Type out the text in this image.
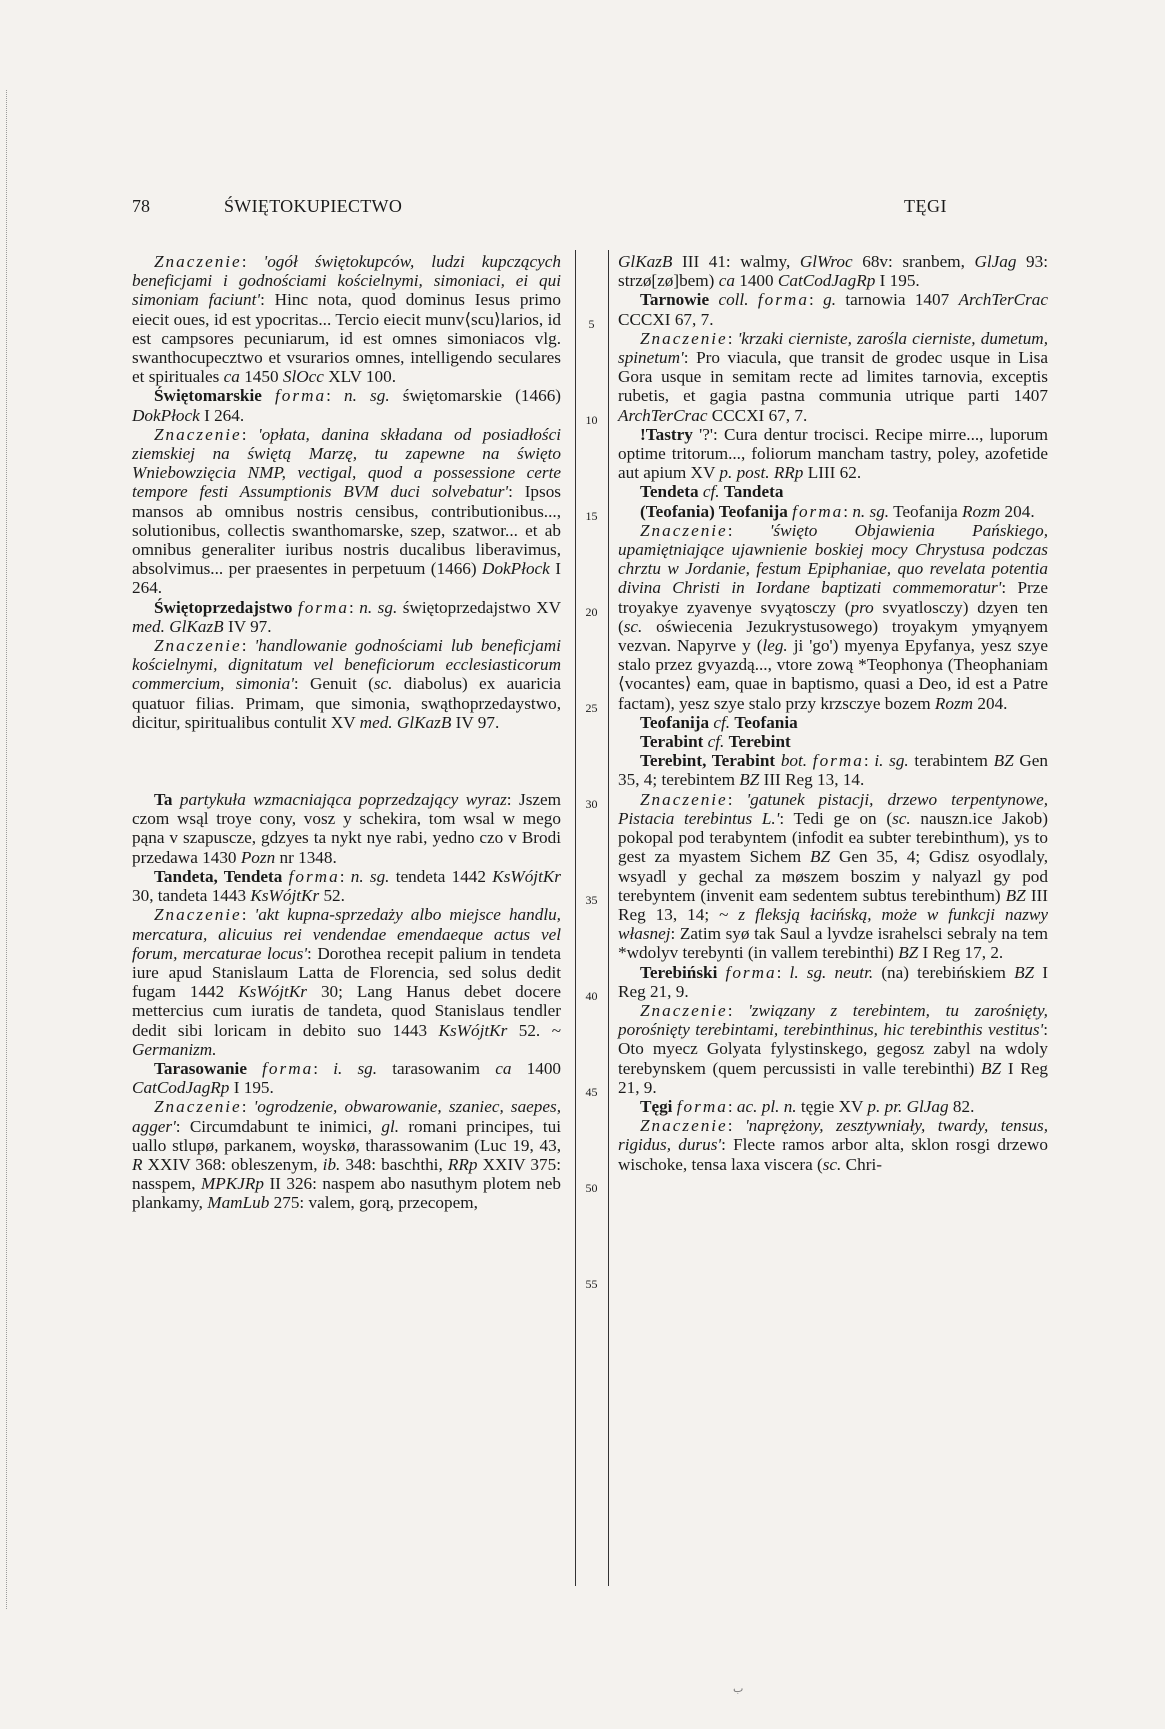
78	ŚWIĘTOKUPIECTWO	TĘGI
5
10
15
20
25
30
35
40
45
50
55

Znaczenie: 'ogół świętokupców, ludzi kupczących beneficjami i godnościami kościelnymi, simoniaci, ei qui simoniam faciunt': Hinc nota, quod dominus Iesus primo eiecit oues, id est ypocritas... Tercio eiecit munv⟨scu⟩larios, id est campsores pecuniarum, id est omnes simoniacos vlg. swanthocupecztwo et vsurarios omnes, intelligendo seculares et spirituales ca 1450 SlOcc XLV 100.

Świętomarskie forma: n. sg. świętomarskie (1466) DokPłock I 264.

Znaczenie: 'opłata, danina składana od posiadłości ziemskiej na świętą Marzę, tu zapewne na święto Wniebowzięcia NMP, vectigal, quod a possessione certe tempore festi Assumptionis BVM duci solvebatur': Ipsos mansos ab omnibus nostris censibus, contributionibus..., solutionibus, collectis swanthomarske, szep, szatwor... et ab omnibus generaliter iuribus nostris ducalibus liberavimus, absolvimus... per praesentes in perpetuum (1466) DokPłock I 264.

Świętoprzedajstwo forma: n. sg. świętoprzedajstwo XV med. GlKazB IV 97.

Znaczenie: 'handlowanie godnościami lub beneficjami kościelnymi, dignitatum vel beneficiorum ecclesiasticorum commercium, simonia': Genuit (sc. diabolus) ex auaricia quatuor filias. Primam, que simonia, swąthoprzedaystwo, dicitur, spiritualibus contulit XV med. GlKazB IV 97.

Ta partykuła wzmacniająca poprzedzający wyraz: Jszem czom wsąl troye cony, vosz y schekira, tom wsal w mego pąna v szapuscze, gdzyes ta nykt nye rabi, yedno czo v Brodi przedawa 1430 Pozn nr 1348.

Tandeta, Tendeta forma: n. sg. tendeta 1442 KsWójtKr 30, tandeta 1443 KsWójtKr 52.

Znaczenie: 'akt kupna-sprzedaży albo miejsce handlu, mercatura, alicuius rei vendendae emendaeque actus vel forum, mercaturae locus': Dorothea recepit palium in tendeta iure apud Stanislaum Latta de Florencia, sed solus dedit fugam 1442 KsWójtKr 30; Lang Hanus debet docere mettercius cum iuratis de tandeta, quod Stanislaus tendler dedit sibi loricam in debito suo 1443 KsWójtKr 52. ~ Germanizm.

Tarasowanie forma: i. sg. tarasowanim ca 1400 CatCodJagRp I 195.

Znaczenie: 'ogrodzenie, obwarowanie, szaniec, saepes, agger': Circumdabunt te inimici, gl. romani principes, tui uallo stlupø, parkanem, woyskø, tharassowanim (Luc 19, 43, R XXIV 368: obleszenym, ib. 348: baschthi, RRp XXIV 375: nasspem, MPKJRp II 326: naspem abo nasuthym plotem neb plankamy, MamLub 275: valem, gorą, przecopem,

GlKazB III 41: walmy, GlWroc 68v: sranbem, GlJag 93: strzø[zø]bem) ca 1400 CatCodJagRp I 195.

Tarnowie coll. forma: g. tarnowia 1407 ArchTerCrac CCCXI 67, 7.

Znaczenie: 'krzaki cierniste, zarośla cierniste, dumetum, spinetum': Pro viacula, que transit de grodec usque in Lisa Gora usque in semitam recte ad limites tarnovia, exceptis rubetis, et gagia pastna communia utrique parti 1407 ArchTerCrac CCCXI 67, 7.

!Tastry '?': Cura dentur trocisci. Recipe mirre..., luporum optime tritorum..., foliorum mancham tastry, poley, azofetide aut apium XV p. post. RRp LIII 62.

Tendeta cf. Tandeta

(Teofania) Teofanija forma: n. sg. Teofanija Rozm 204.

Znaczenie: 'święto Objawienia Pańskiego, upamiętniające ujawnienie boskiej mocy Chrystusa podczas chrztu w Jordanie, festum Epiphaniae, quo revelata potentia divina Christi in Iordane baptizati commemoratur': Prze troyakye zyavenye svyątosczy (pro svyatlosczy) dzyen ten (sc. oświecenia Jezukrystusowego) troyakym ymyąnyem vezvan. Napyrve y (leg. ji 'go') myenya Epyfanya, yesz szye stalo przez gvyazdą..., vtore zową *Teophonya (Theophaniam ⟨vocantes⟩ eam, quae in baptismo, quasi a Deo, id est a Patre factam), yesz szye stalo przy krzsczye bozem Rozm 204.

Teofanija cf. Teofania

Terabint cf. Terebint

Terebint, Terabint bot. forma: i. sg. terabintem BZ Gen 35, 4; terebintem BZ III Reg 13, 14.

Znaczenie: 'gatunek pistacji, drzewo terpentynowe, Pistacia terebintus L.': Tedi ge on (sc. nauszn.ice Jakob) pokopal pod terabyntem (infodit ea subter terebinthum), ys to gest za myastem Sichem BZ Gen 35, 4; Gdisz osyodlaly, wsyadl y gechal za møszem boszim y nalyazl gy pod terebyntem (invenit eam sedentem subtus terebinthum) BZ III Reg 13, 14; ~ z fleksją łacińską, może w funkcji nazwy własnej: Zatim syø tak Saul a lyvdze israhelsci sebraly na tem *wdolyv terebynti (in vallem terebinthi) BZ I Reg 17, 2.

Terebiński forma: l. sg. neutr. (na) terebińskiem BZ I Reg 21, 9.

Znaczenie: 'związany z terebintem, tu zarośnięty, porośnięty terebintami, terebinthinus, hic terebinthis vestitus': Oto myecz Golyata fylystinskego, gegosz zabyl na wdoly terebynskem (quem percussisti in valle terebinthi) BZ I Reg 21, 9.

Tęgi forma: ac. pl. n. tęgie XV p. pr. GlJag 82.

Znaczenie: 'naprężony, zesztywniały, twardy, tensus, rigidus, durus': Flecte ramos arbor alta, sklon rosgi drzewo wischoke, tensa laxa viscera (sc. Chri-

ب
